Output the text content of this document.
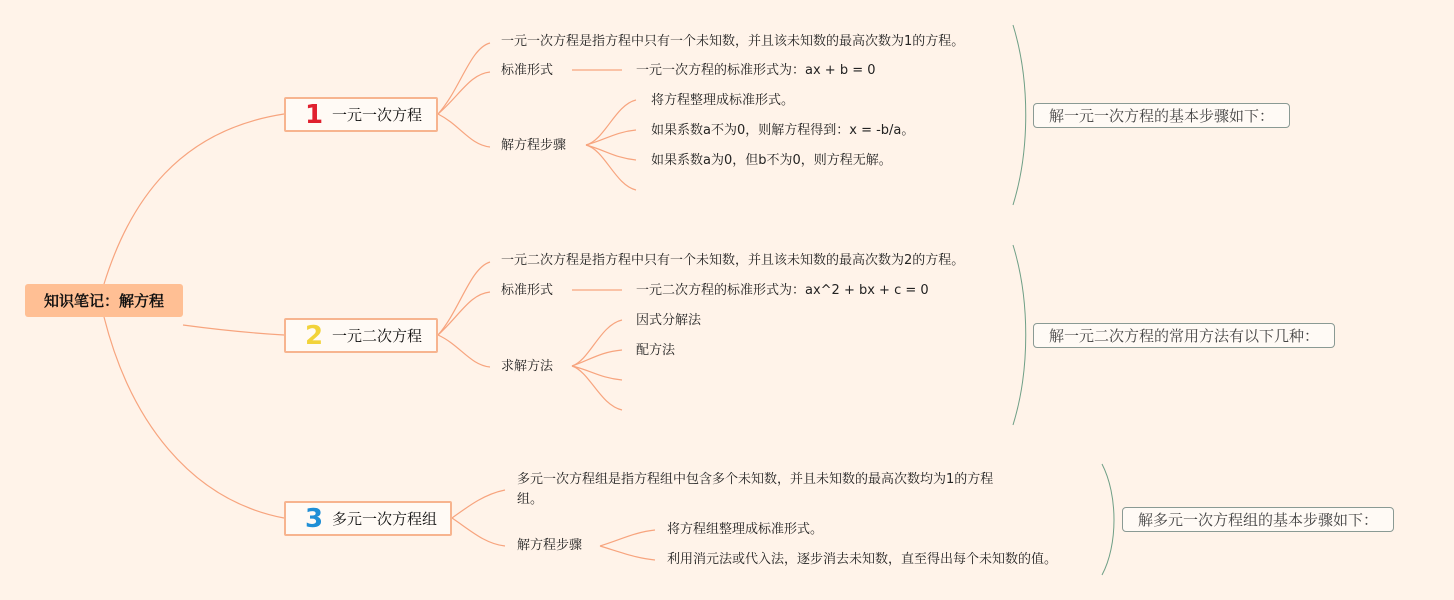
知识笔记：解方程
1 一元一次方程
一元一次方程是指方程中只有一个未知数，并且该未知数的最高次数为1的方程。
标准形式	一元一次方程的标准形式为：ax + b = 0
解方程步骤
将方程整理成标准形式。
如果系数a不为0，则解方程得到：x = -b/a。
如果系数a为0，但b不为0，则方程无解。
解一元一次方程的基本步骤如下：
2 一元二次方程
一元二次方程是指方程中只有一个未知数，并且该未知数的最高次数为2的方程。
标准形式	一元二次方程的标准形式为：ax^2 + bx + c = 0
求解方法
因式分解法
配方法
解一元二次方程的常用方法有以下几种：
3 多元一次方程组
多元一次方程组是指方程组中包含多个未知数，并且未知数的最高次数均为1的方程组。
解方程步骤
将方程组整理成标准形式。
利用消元法或代入法，逐步消去未知数，直至得出每个未知数的值。
解多元一次方程组的基本步骤如下：
